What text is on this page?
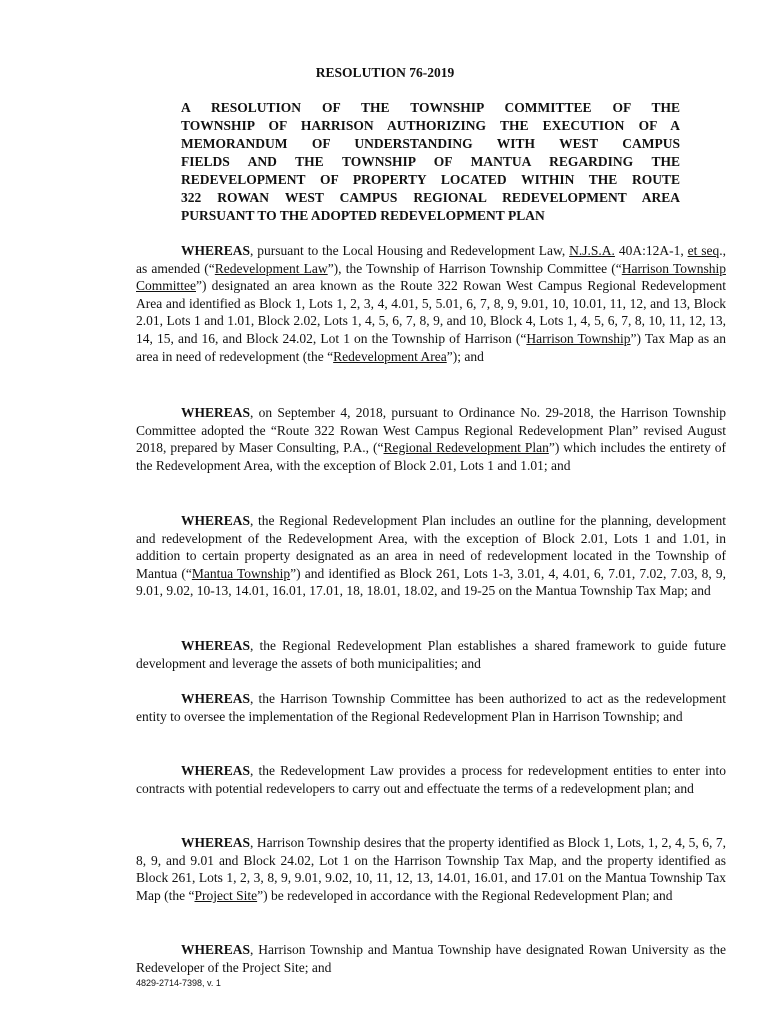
RESOLUTION 76-2019
A RESOLUTION OF THE TOWNSHIP COMMITTEE OF THE
TOWNSHIP OF HARRISON AUTHORIZING THE EXECUTION OF A
MEMORANDUM OF UNDERSTANDING WITH WEST CAMPUS
FIELDS AND THE TOWNSHIP OF MANTUA REGARDING THE
REDEVELOPMENT OF PROPERTY LOCATED WITHIN THE ROUTE
322 ROWAN WEST CAMPUS REGIONAL REDEVELOPMENT AREA
PURSUANT TO THE ADOPTED REDEVELOPMENT PLAN

WHEREAS, pursuant to the Local Housing and Redevelopment Law, N.J.S.A. 40A:12A-1, et seq., as amended (“Redevelopment Law”), the Township of Harrison Township Committee (“Harrison Township Committee”) designated an area known as the Route 322 Rowan West Campus Regional Redevelopment Area and identified as Block 1, Lots 1, 2, 3, 4, 4.01, 5, 5.01, 6, 7, 8, 9, 9.01, 10, 10.01, 11, 12, and 13, Block 2.01, Lots 1 and 1.01, Block 2.02, Lots 1, 4, 5, 6, 7, 8, 9, and 10, Block 4, Lots 1, 4, 5, 6, 7, 8, 10, 11, 12, 13, 14, 15, and 16, and Block 24.02, Lot 1 on the Township of Harrison (“Harrison Township”) Tax Map as an area in need of redevelopment (the “Redevelopment Area”); and

WHEREAS, on September 4, 2018, pursuant to Ordinance No. 29-2018, the Harrison Township Committee adopted the “Route 322 Rowan West Campus Regional Redevelopment Plan” revised August 2018, prepared by Maser Consulting, P.A., (“Regional Redevelopment Plan”) which includes the entirety of the Redevelopment Area, with the exception of Block 2.01, Lots 1 and 1.01; and

WHEREAS, the Regional Redevelopment Plan includes an outline for the planning, development and redevelopment of the Redevelopment Area, with the exception of Block 2.01, Lots 1 and 1.01, in addition to certain property designated as an area in need of redevelopment located in the Township of Mantua (“Mantua Township”) and identified as Block 261, Lots 1-3, 3.01, 4, 4.01, 6, 7.01, 7.02, 7.03, 8, 9, 9.01, 9.02, 10-13, 14.01, 16.01, 17.01, 18, 18.01, 18.02, and 19-25 on the Mantua Township Tax Map; and

WHEREAS, the Regional Redevelopment Plan establishes a shared framework to guide future development and leverage the assets of both municipalities; and

WHEREAS, the Harrison Township Committee has been authorized to act as the redevelopment entity to oversee the implementation of the Regional Redevelopment Plan in Harrison Township; and

WHEREAS, the Redevelopment Law provides a process for redevelopment entities to enter into contracts with potential redevelopers to carry out and effectuate the terms of a redevelopment plan; and

WHEREAS, Harrison Township desires that the property identified as Block 1, Lots, 1, 2, 4, 5, 6, 7, 8, 9, and 9.01 and Block 24.02, Lot 1 on the Harrison Township Tax Map, and the property identified as Block 261, Lots 1, 2, 3, 8, 9, 9.01, 9.02, 10, 11, 12, 13, 14.01, 16.01, and 17.01 on the Mantua Township Tax Map (the “Project Site”) be redeveloped in accordance with the Regional Redevelopment Plan; and

WHEREAS, Harrison Township and Mantua Township have designated Rowan University as the Redeveloper of the Project Site; and

4829-2714-7398, v. 1
